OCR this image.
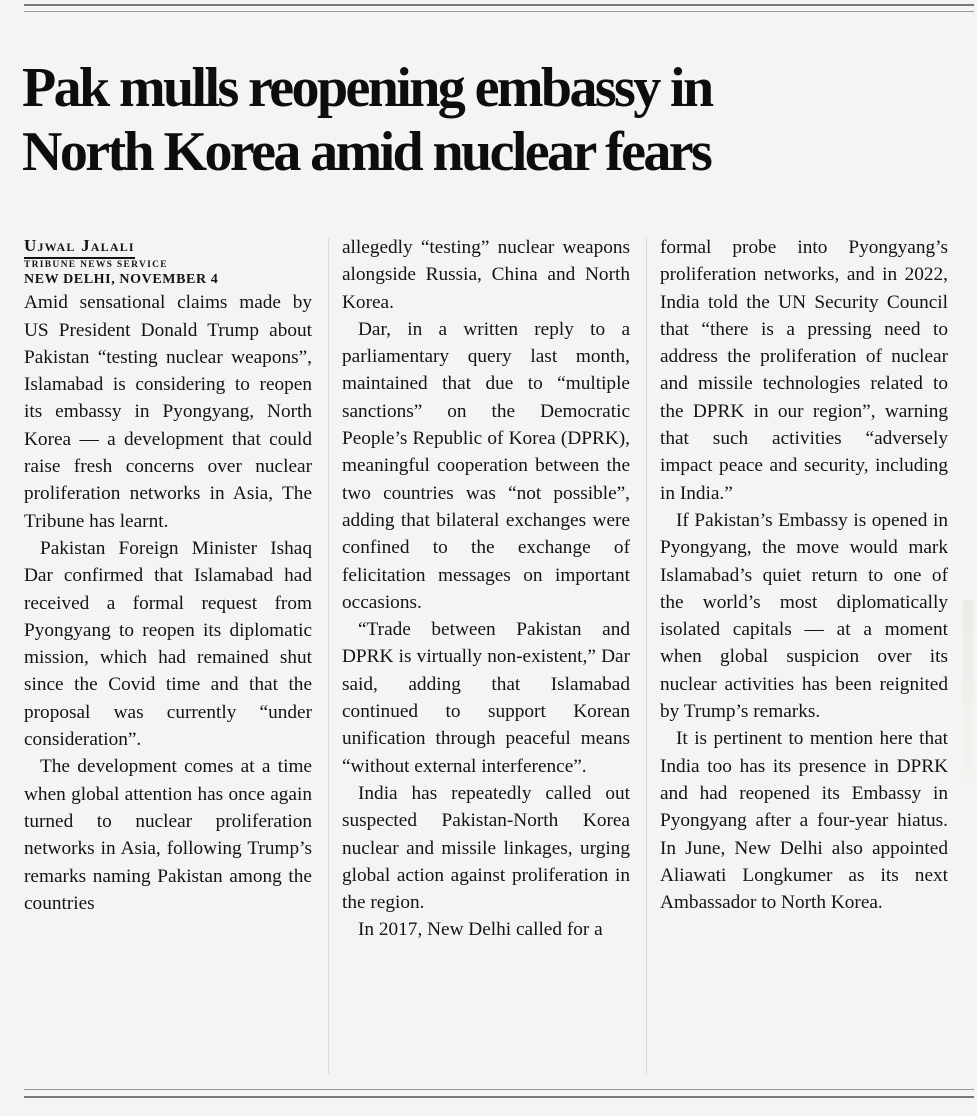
Pak mulls reopening embassy in
North Korea amid nuclear fears

Ujwal Jalali

TRIBUNE NEWS SERVICE

NEW DELHI, NOVEMBER 4

Amid sensational claims made by US President Donald Trump about Pakistan “testing nuclear weapons”, Islamabad is considering to reopen its embassy in Pyongyang, North Korea — a development that could raise fresh concerns over nuclear proliferation networks in Asia, The Tribune has learnt.

Pakistan Foreign Minister Ishaq Dar confirmed that Islamabad had received a formal request from Pyongyang to reopen its diplomatic mission, which had remained shut since the Covid time and that the proposal was currently “under consideration”.

The development comes at a time when global attention has once again turned to nuclear proliferation networks in Asia, following Trump’s remarks naming Pakistan among the countries

allegedly “testing” nuclear weapons alongside Russia, China and North Korea.

Dar, in a written reply to a parliamentary query last month, maintained that due to “multiple sanctions” on the Democratic People’s Republic of Korea (DPRK), meaningful cooperation between the two countries was “not possible”, adding that bilateral exchanges were confined to the exchange of felicitation messages on important occasions.

“Trade between Pakistan and DPRK is virtually non-existent,” Dar said, adding that Islamabad continued to support Korean unification through peaceful means “without external interference”.

India has repeatedly called out suspected Pakistan-North Korea nuclear and missile linkages, urging global action against proliferation in the region.

In 2017, New Delhi called for a

formal probe into Pyongyang’s proliferation networks, and in 2022, India told the UN Security Council that “there is a pressing need to address the proliferation of nuclear and missile technologies related to the DPRK in our region”, warning that such activities “adversely impact peace and security, including in India.”

If Pakistan’s Embassy is opened in Pyongyang, the move would mark Islamabad’s quiet return to one of the world’s most diplomatically isolated capitals — at a moment when global suspicion over its nuclear activities has been reignited by Trump’s remarks.

It is pertinent to mention here that India too has its presence in DPRK and had reopened its Embassy in Pyongyang after a four-year hiatus. In June, New Delhi also appointed Aliawati Longkumer as its next Ambassador to North Korea.
